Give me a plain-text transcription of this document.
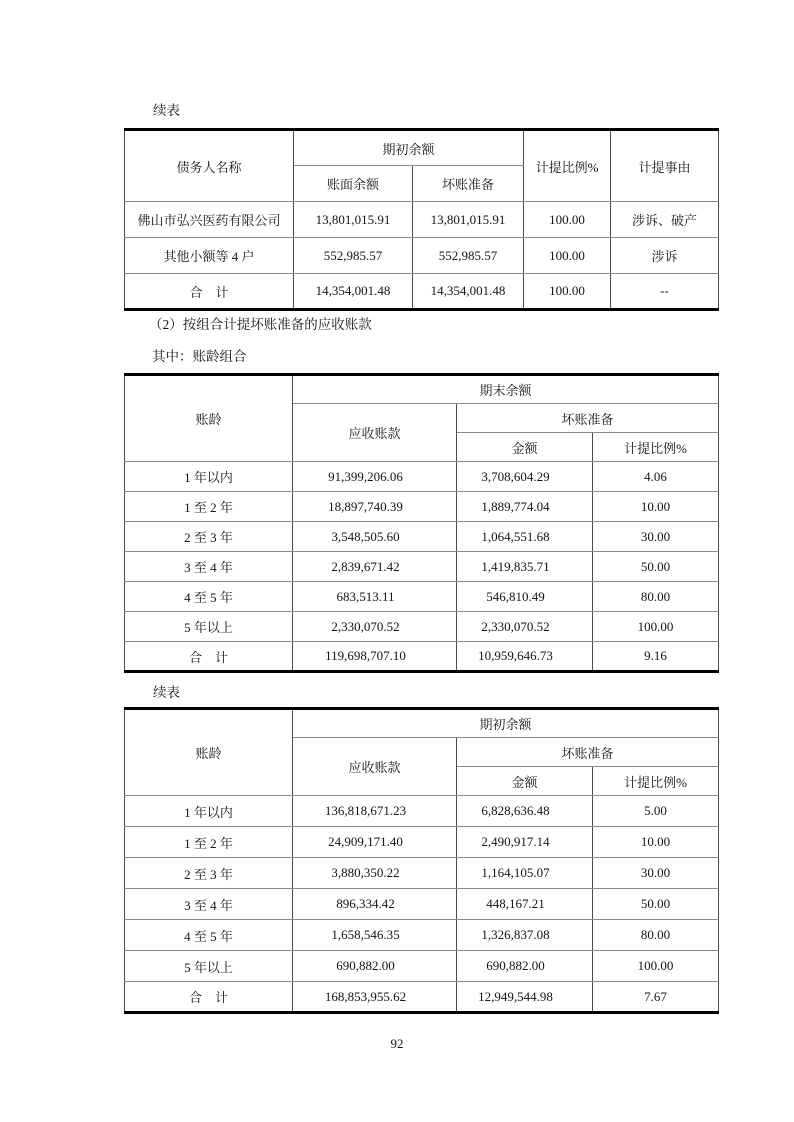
续表
债务人名称	期初余额		计提比例%	计提事由
	账面余额	坏账准备		
佛山市弘兴医药有限公司	13,801,015.91	13,801,015.91	100.00	涉诉、破产
其他小额等 4 户	552,985.57	552,985.57	100.00	涉诉
合　计	14,354,001.48	14,354,001.48	100.00	--
（2）按组合计提坏账准备的应收账款
其中：账龄组合
账龄	期末余额		
	应收账款	坏账准备	
		金额	计提比例%
1 年以内	91,399,206.06	3,708,604.29	4.06
1 至 2 年	18,897,740.39	1,889,774.04	10.00
2 至 3 年	3,548,505.60	1,064,551.68	30.00
3 至 4 年	2,839,671.42	1,419,835.71	50.00
4 至 5 年	683,513.11	546,810.49	80.00
5 年以上	2,330,070.52	2,330,070.52	100.00
合　计	119,698,707.10	10,959,646.73	9.16
续表
账龄	期初余额		
	应收账款	坏账准备	
		金额	计提比例%
1 年以内	136,818,671.23	6,828,636.48	5.00
1 至 2 年	24,909,171.40	2,490,917.14	10.00
2 至 3 年	3,880,350.22	1,164,105.07	30.00
3 至 4 年	896,334.42	448,167.21	50.00
4 至 5 年	1,658,546.35	1,326,837.08	80.00
5 年以上	690,882.00	690,882.00	100.00
合　计	168,853,955.62	12,949,544.98	7.67
92
